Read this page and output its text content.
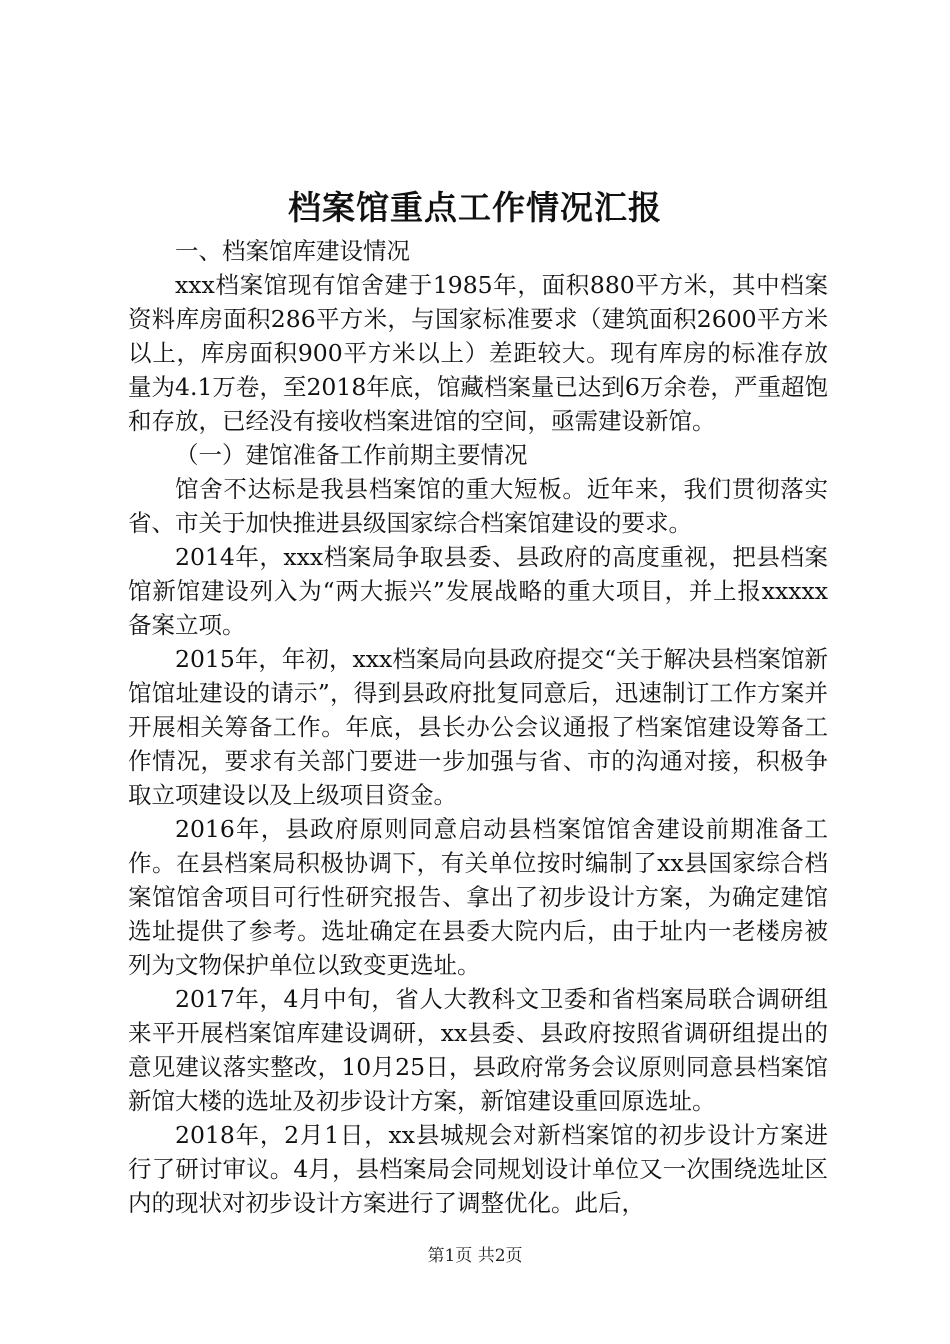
档案馆重点工作情况汇报

一、档案馆库建设情况

xxx档案馆现有馆舍建于1985年，面积880平方米，其中档案资料库房面积286平方米，与国家标准要求（建筑面积2600平方米以上，库房面积900平方米以上）差距较大。现有库房的标准存放量为4.1万卷，至2018年底，馆藏档案量已达到6万余卷，严重超饱和存放，已经没有接收档案进馆的空间，亟需建设新馆。

（一）建馆准备工作前期主要情况

馆舍不达标是我县档案馆的重大短板。近年来，我们贯彻落实省、市关于加快推进县级国家综合档案馆建设的要求。

2014年，xxx档案局争取县委、县政府的高度重视，把县档案馆新馆建设列入为“两大振兴”发展战略的重大项目，并上报xxxxx备案立项。

2015年，年初，xxx档案局向县政府提交“关于解决县档案馆新馆馆址建设的请示”，得到县政府批复同意后，迅速制订工作方案并开展相关筹备工作。年底，县长办公会议通报了档案馆建设筹备工作情况，要求有关部门要进一步加强与省、市的沟通对接，积极争取立项建设以及上级项目资金。

2016年，县政府原则同意启动县档案馆馆舍建设前期准备工作。在县档案局积极协调下，有关单位按时编制了xx县国家综合档案馆馆舍项目可行性研究报告、拿出了初步设计方案，为确定建馆选址提供了参考。选址确定在县委大院内后，由于址内一老楼房被列为文物保护单位以致变更选址。

2017年，4月中旬，省人大教科文卫委和省档案局联合调研组来平开展档案馆库建设调研，xx县委、县政府按照省调研组提出的意见建议落实整改，10月25日，县政府常务会议原则同意县档案馆新馆大楼的选址及初步设计方案，新馆建设重回原选址。

2018年，2月1日，xx县城规会对新档案馆的初步设计方案进行了研讨审议。4月，县档案局会同规划设计单位又一次围绕选址区内的现状对初步设计方案进行了调整优化。此后，

第1页 共2页
